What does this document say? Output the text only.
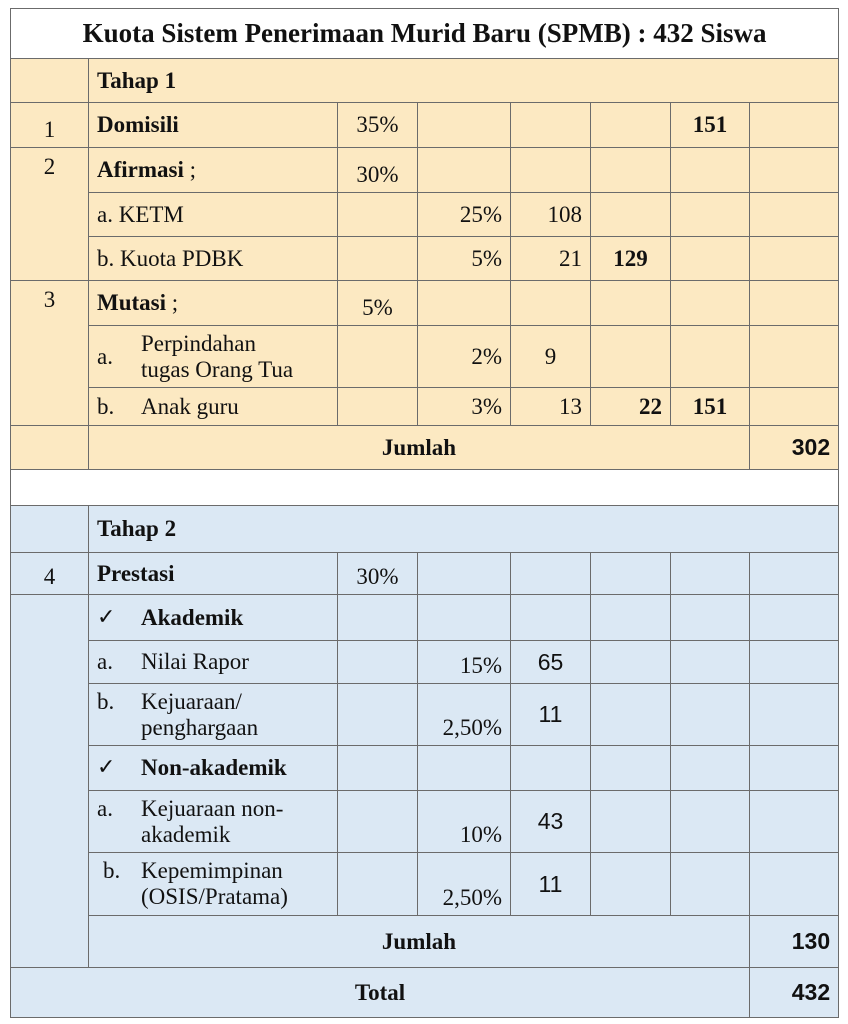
Kuota Sistem Penerimaan Murid Baru (SPMB) : 432 Siswa							
	Tahap 1						
1	Domisili	35%				151	
2	Afirmasi ;	30%					
	a. KETM		25%	108			
	b. Kuota PDBK		5%	21	129		
3	Mutasi ;	5%					

	a.
Perpindahan
tugas Orang Tua		2%	9			

	b. Anak guru		3%	13	22	151	
	Jumlah						302

	Tahap 2						
4	Prestasi	30%					

	✓ Akademik						

	a. Nilai Rapor		15%	65			

	b. Kejuaraan/
penghargaan		2,50%	11			

	✓ Non-akademik						

	a. Kejuaraan non-
akademik		10%	43			

	b. Kepemimpinan
(OSIS/Pratama)		2,50%	11			
	Jumlah						130
Total							432
